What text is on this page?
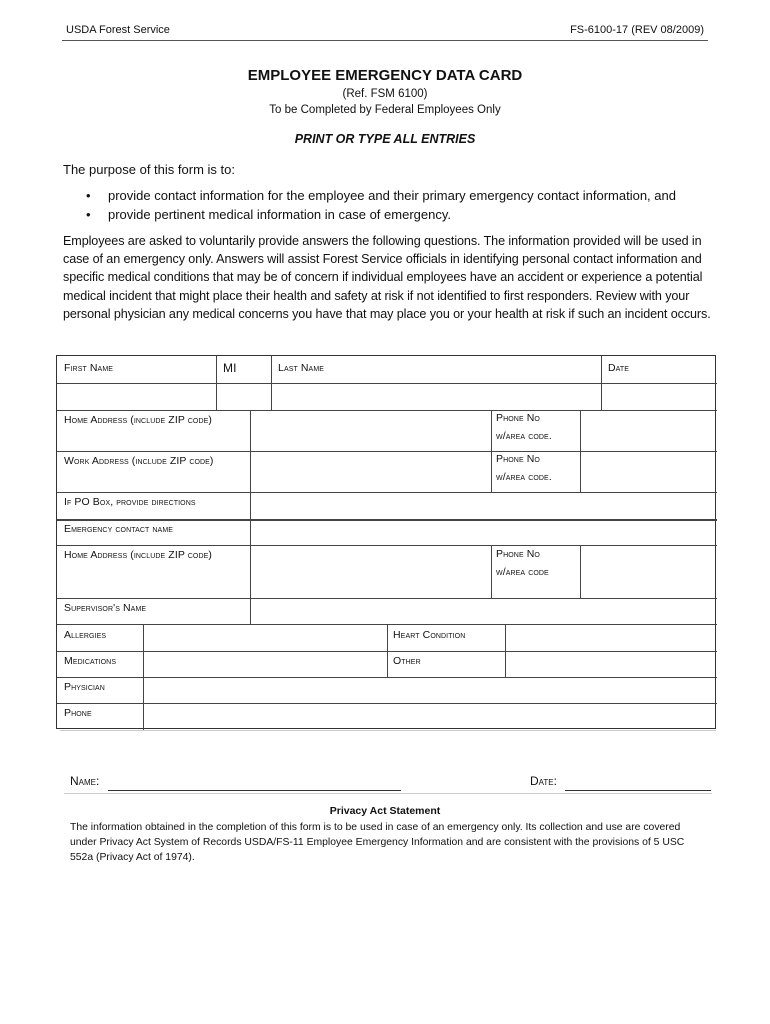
USDA Forest Service	FS-6100-17 (REV 08/2009)
EMPLOYEE EMERGENCY DATA CARD
(Ref. FSM 6100)
To be Completed by Federal Employees Only
PRINT OR TYPE ALL ENTRIES
The purpose of this form is to:
• provide contact information for the employee and their primary emergency contact information, and
• provide pertinent medical information in case of emergency.
Employees are asked to voluntarily provide answers the following questions. The information provided will be used in case of an emergency only. Answers will assist Forest Service officials in identifying personal contact information and specific medical conditions that may be of concern if individual employees have an accident or experience a potential medical incident that might place their health and safety at risk if not identified to first responders. Review with your personal physician any medical concerns you have that may place you or your health at risk if such an incident occurs.
First Name	MI	Last Name	Date
Home Address (include ZIP code)	Phone No
w/area code.
Work Address (include ZIP code)	Phone No
w/area code.
If PO Box, provide directions
Emergency contact name
Home Address (include ZIP code)	Phone No
w/area code
Supervisor's Name
Allergies	Heart Condition
Medications	Other
Physician
Phone
Name:	Date:
Privacy Act Statement
The information obtained in the completion of this form is to be used in case of an emergency only. Its collection and use are covered under Privacy Act System of Records USDA/FS-11 Employee Emergency Information and are consistent with the provisions of 5 USC 552a (Privacy Act of 1974).
